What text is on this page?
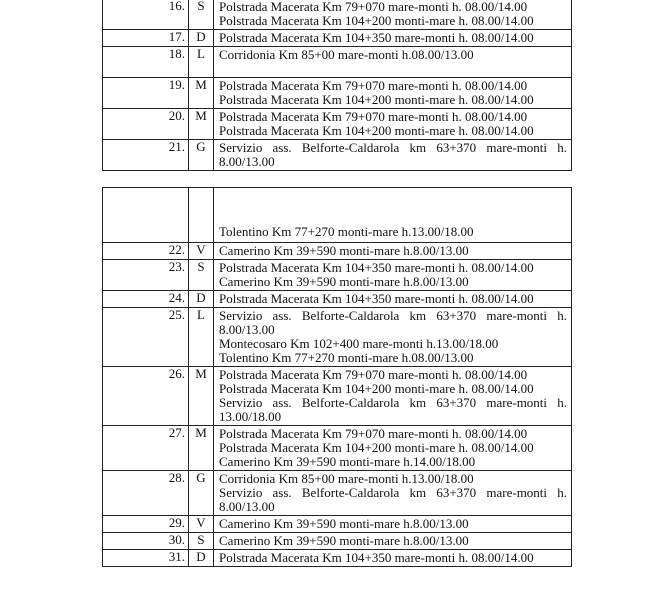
16.	S	Polstrada Macerata Km 79+070 mare-monti h. 08.00/14.00
Polstrada Macerata Km 104+200 monti-mare h. 08.00/14.00

17.	D	Polstrada Macerata Km 104+350 mare-monti h. 08.00/14.00

18.	L	Corridonia Km 85+00 mare-monti h.08.00/13.00

19.	M	Polstrada Macerata Km 79+070 mare-monti h. 08.00/14.00
Polstrada Macerata Km 104+200 monti-mare h. 08.00/14.00

20.	M	Polstrada Macerata Km 79+070 mare-monti h. 08.00/14.00
Polstrada Macerata Km 104+200 monti-mare h. 08.00/14.00

21.	G	Servizio ass. Belforte-Caldarola km 63+370 mare-monti h. 8.00/13.00

		Tolentino Km 77+270 monti-mare h.13.00/18.00

22.	V	Camerino Km 39+590 monti-mare h.8.00/13.00

23.	S	Polstrada Macerata Km 104+350 mare-monti h. 08.00/14.00
Camerino Km 39+590 monti-mare h.8.00/13.00

24.	D	Polstrada Macerata Km 104+350 mare-monti h. 08.00/14.00

25.	L	Servizio ass. Belforte-Caldarola km 63+370 mare-monti h. 8.00/13.00
Montecosaro Km 102+400 mare-monti h.13.00/18.00
Tolentino Km 77+270 monti-mare h.08.00/13.00

26.	M	Polstrada Macerata Km 79+070 mare-monti h. 08.00/14.00
Polstrada Macerata Km 104+200 monti-mare h. 08.00/14.00
Servizio ass. Belforte-Caldarola km 63+370 mare-monti h. 13.00/18.00

27.	M	Polstrada Macerata Km 79+070 mare-monti h. 08.00/14.00
Polstrada Macerata Km 104+200 monti-mare h. 08.00/14.00
Camerino Km 39+590 monti-mare h.14.00/18.00

28.	G	Corridonia Km 85+00 mare-monti h.13.00/18.00
Servizio ass. Belforte-Caldarola km 63+370 mare-monti h. 8.00/13.00

29.	V	Camerino Km 39+590 monti-mare h.8.00/13.00

30.	S	Camerino Km 39+590 monti-mare h.8.00/13.00

31.	D	Polstrada Macerata Km 104+350 mare-monti h. 08.00/14.00
